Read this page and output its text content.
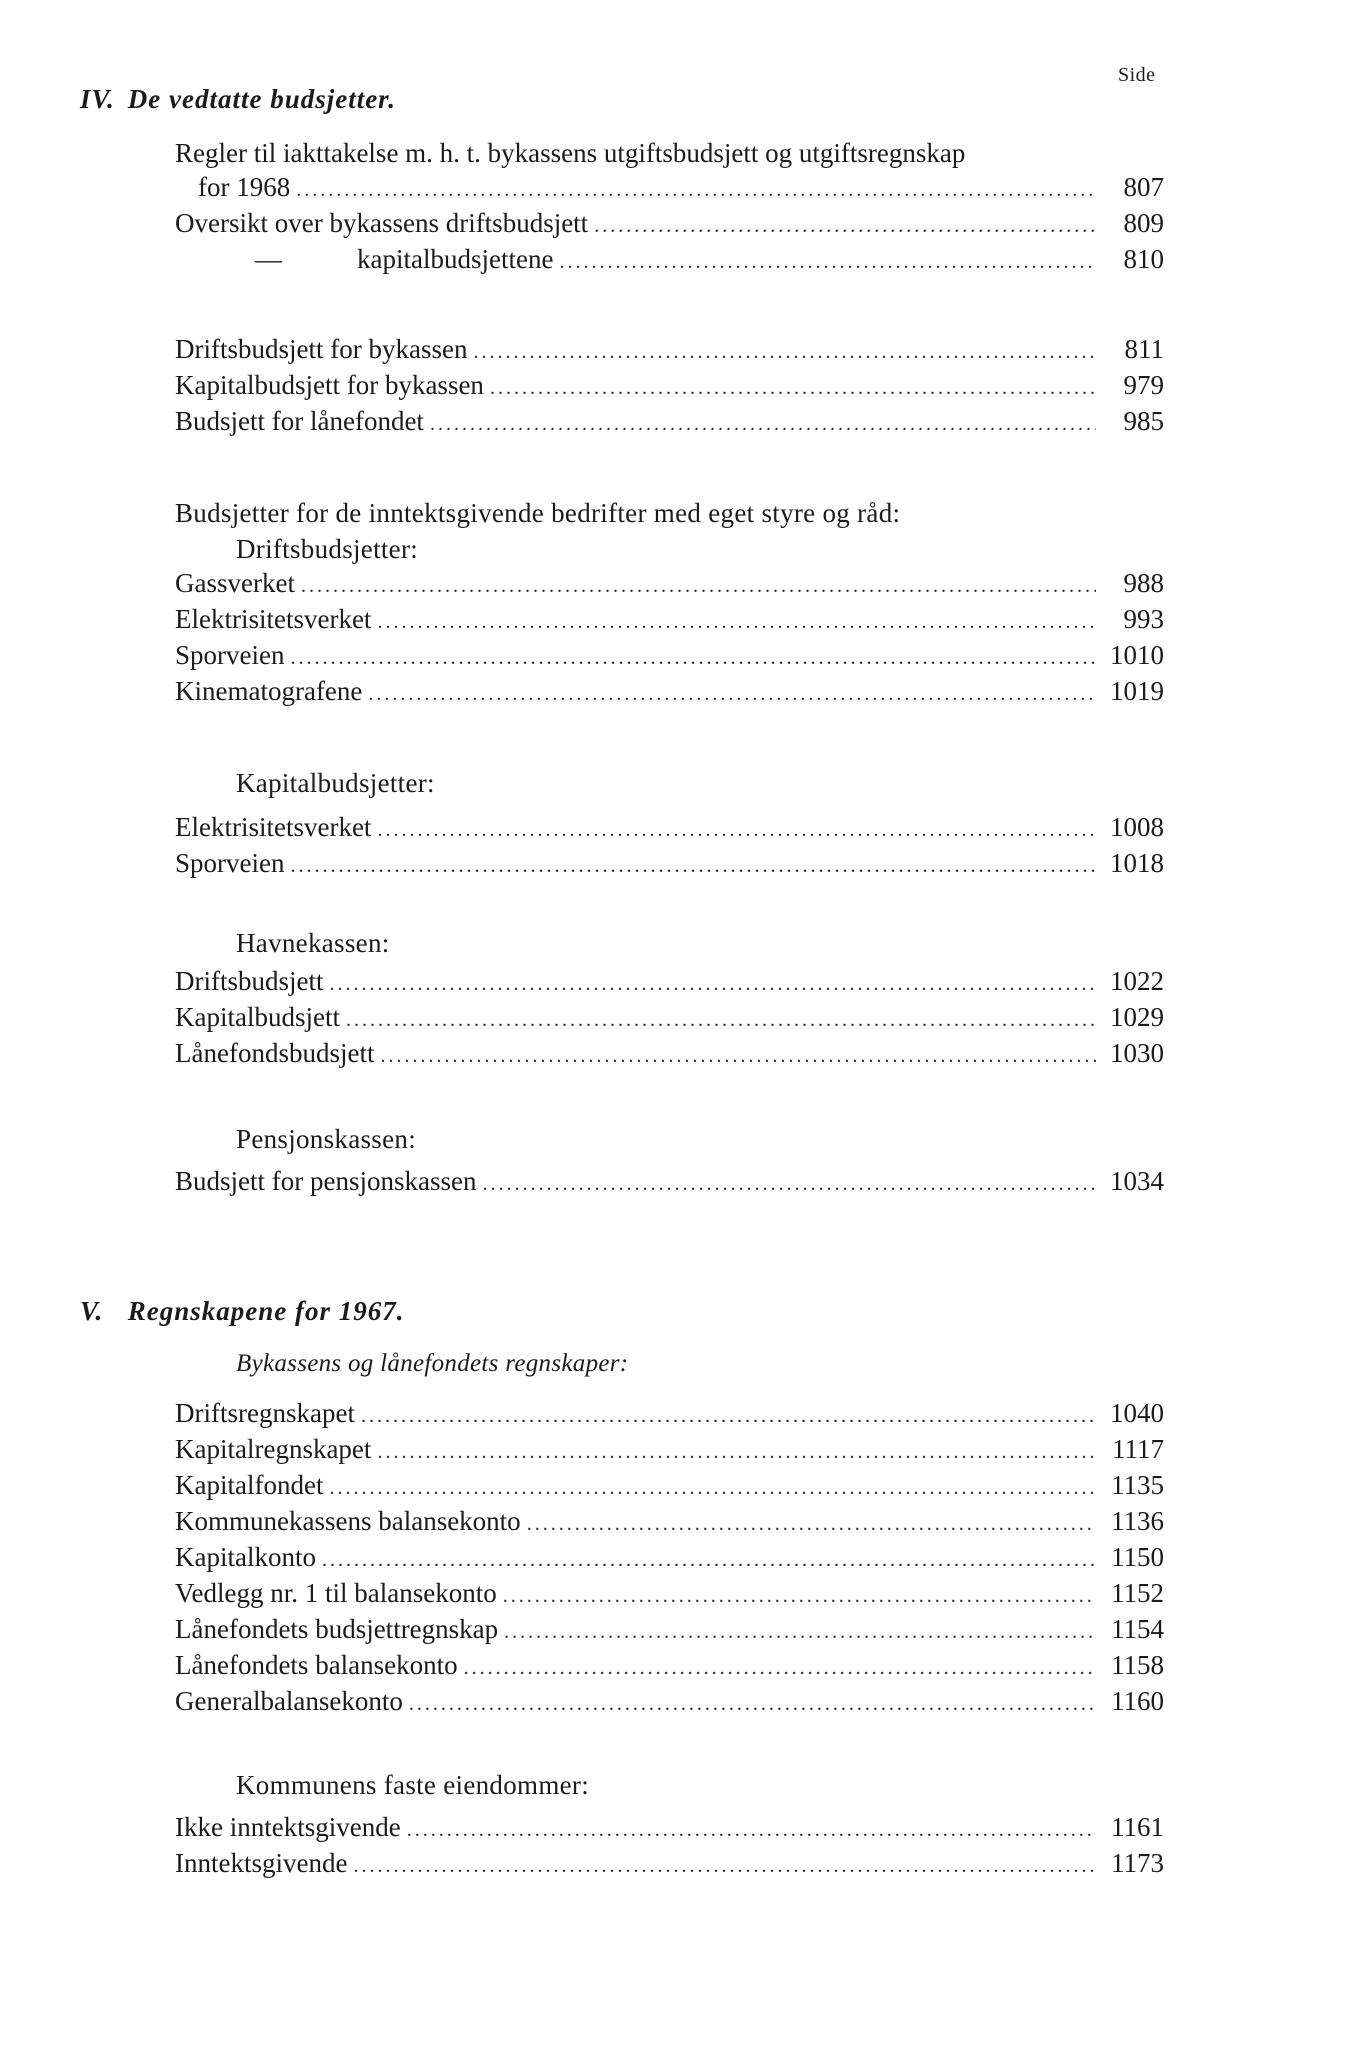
Side
IV. De vedtatte budsjetter.
Regler til iakttakelse m. h. t. bykassens utgiftsbudsjett og utgiftsregnskap
for 1968 .....	807
Oversikt over bykassens driftsbudsjett .....	809
—	kapitalbudsjettene .....	810
Driftsbudsjett for bykassen .....	811
Kapitalbudsjett for bykassen .....	979
Budsjett for lånefondet .....	985
Budsjetter for de inntektsgivende bedrifter med eget styre og råd:
Driftsbudsjetter:
Gassverket .....	988
Elektrisitetsverket .....	993
Sporveien .....	1010
Kinematografene .....	1019
Kapitalbudsjetter:
Elektrisitetsverket .....	1008
Sporveien .....	1018
Havnekassen:
Driftsbudsjett .....	1022
Kapitalbudsjett .....	1029
Lånefondsbudsjett .....	1030
Pensjonskassen:
Budsjett for pensjonskassen .....	1034
V. Regnskapene for 1967.
Bykassens og lånefondets regnskaper:
Driftsregnskapet .....	1040
Kapitalregnskapet .....	1117
Kapitalfondet .....	1135
Kommunekassens balansekonto .....	1136
Kapitalkonto .....	1150
Vedlegg nr. 1 til balansekonto .....	1152
Lånefondets budsjettregnskap .....	1154
Lånefondets balansekonto .....	1158
Generalbalansekonto .....	1160
Kommunens faste eiendommer:
Ikke inntektsgivende .....	1161
Inntektsgivende .....	1173
